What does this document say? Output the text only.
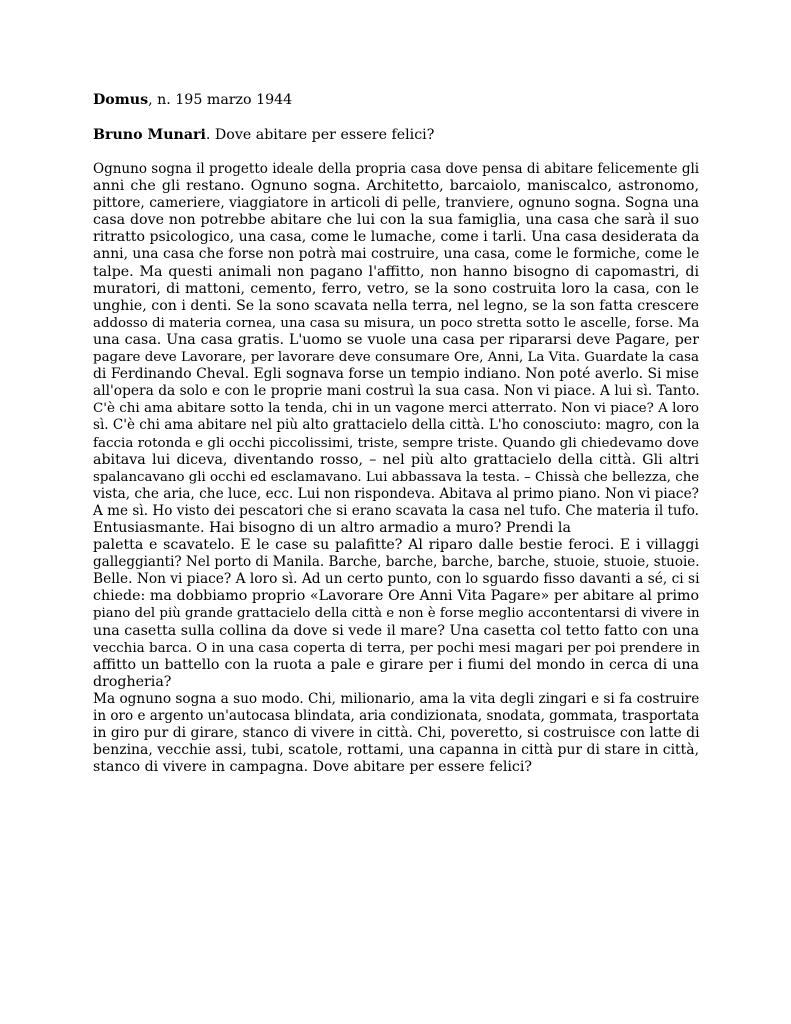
Domus, n. 195 marzo 1944
Bruno Munari. Dove abitare per essere felici?
Ognuno sogna il progetto ideale della propria casa dove pensa di abitare felicemente gli
anni che gli restano. Ognuno sogna. Architetto, barcaiolo, maniscalco, astronomo,
pittore, cameriere, viaggiatore in articoli di pelle, tranviere, ognuno sogna. Sogna una
casa dove non potrebbe abitare che lui con la sua famiglia, una casa che sarà il suo
ritratto psicologico, una casa, come le lumache, come i tarli. Una casa desiderata da
anni, una casa che forse non potrà mai costruire, una casa, come le formiche, come le
talpe. Ma questi animali non pagano l'affitto, non hanno bisogno di capomastri, di
muratori, di mattoni, cemento, ferro, vetro, se la sono costruita loro la casa, con le
unghie, con i denti. Se la sono scavata nella terra, nel legno, se la son fatta crescere
addosso di materia cornea, una casa su misura, un poco stretta sotto le ascelle, forse. Ma
una casa. Una casa gratis. L'uomo se vuole una casa per ripararsi deve Pagare, per
pagare deve Lavorare, per lavorare deve consumare Ore, Anni, La Vita. Guardate la casa
di Ferdinando Cheval. Egli sognava forse un tempio indiano. Non poté averlo. Si mise
all'opera da solo e con le proprie mani costruì la sua casa. Non vi piace. A lui sì. Tanto.
C'è chi ama abitare sotto la tenda, chi in un vagone merci atterrato. Non vi piace? A loro
sì. C'è chi ama abitare nel più alto grattacielo della città. L'ho conosciuto: magro, con la
faccia rotonda e gli occhi piccolissimi, triste, sempre triste. Quando gli chiedevamo dove
abitava lui diceva, diventando rosso, – nel più alto grattacielo della città. Gli altri
spalancavano gli occhi ed esclamavano. Lui abbassava la testa. – Chissà che bellezza, che
vista, che aria, che luce, ecc. Lui non rispondeva. Abitava al primo piano. Non vi piace?
A me sì. Ho visto dei pescatori che si erano scavata la casa nel tufo. Che materia il tufo.
Entusiasmante. Hai bisogno di un altro armadio a muro? Prendi la
paletta e scavatelo. E le case su palafitte? Al riparo dalle bestie feroci. E i villaggi
galleggianti? Nel porto di Manila. Barche, barche, barche, barche, stuoie, stuoie, stuoie.
Belle. Non vi piace? A loro sì. Ad un certo punto, con lo sguardo fisso davanti a sé, ci si
chiede: ma dobbiamo proprio «Lavorare Ore Anni Vita Pagare» per abitare al primo
piano del più grande grattacielo della città e non è forse meglio accontentarsi di vivere in
una casetta sulla collina da dove si vede il mare? Una casetta col tetto fatto con una
vecchia barca. O in una casa coperta di terra, per pochi mesi magari per poi prendere in
affitto un battello con la ruota a pale e girare per i fiumi del mondo in cerca di una
drogheria?
Ma ognuno sogna a suo modo. Chi, milionario, ama la vita degli zingari e si fa costruire
in oro e argento un'autocasa blindata, aria condizionata, snodata, gommata, trasportata
in giro pur di girare, stanco di vivere in città. Chi, poveretto, si costruisce con latte di
benzina, vecchie assi, tubi, scatole, rottami, una capanna in città pur di stare in città,
stanco di vivere in campagna. Dove abitare per essere felici?
